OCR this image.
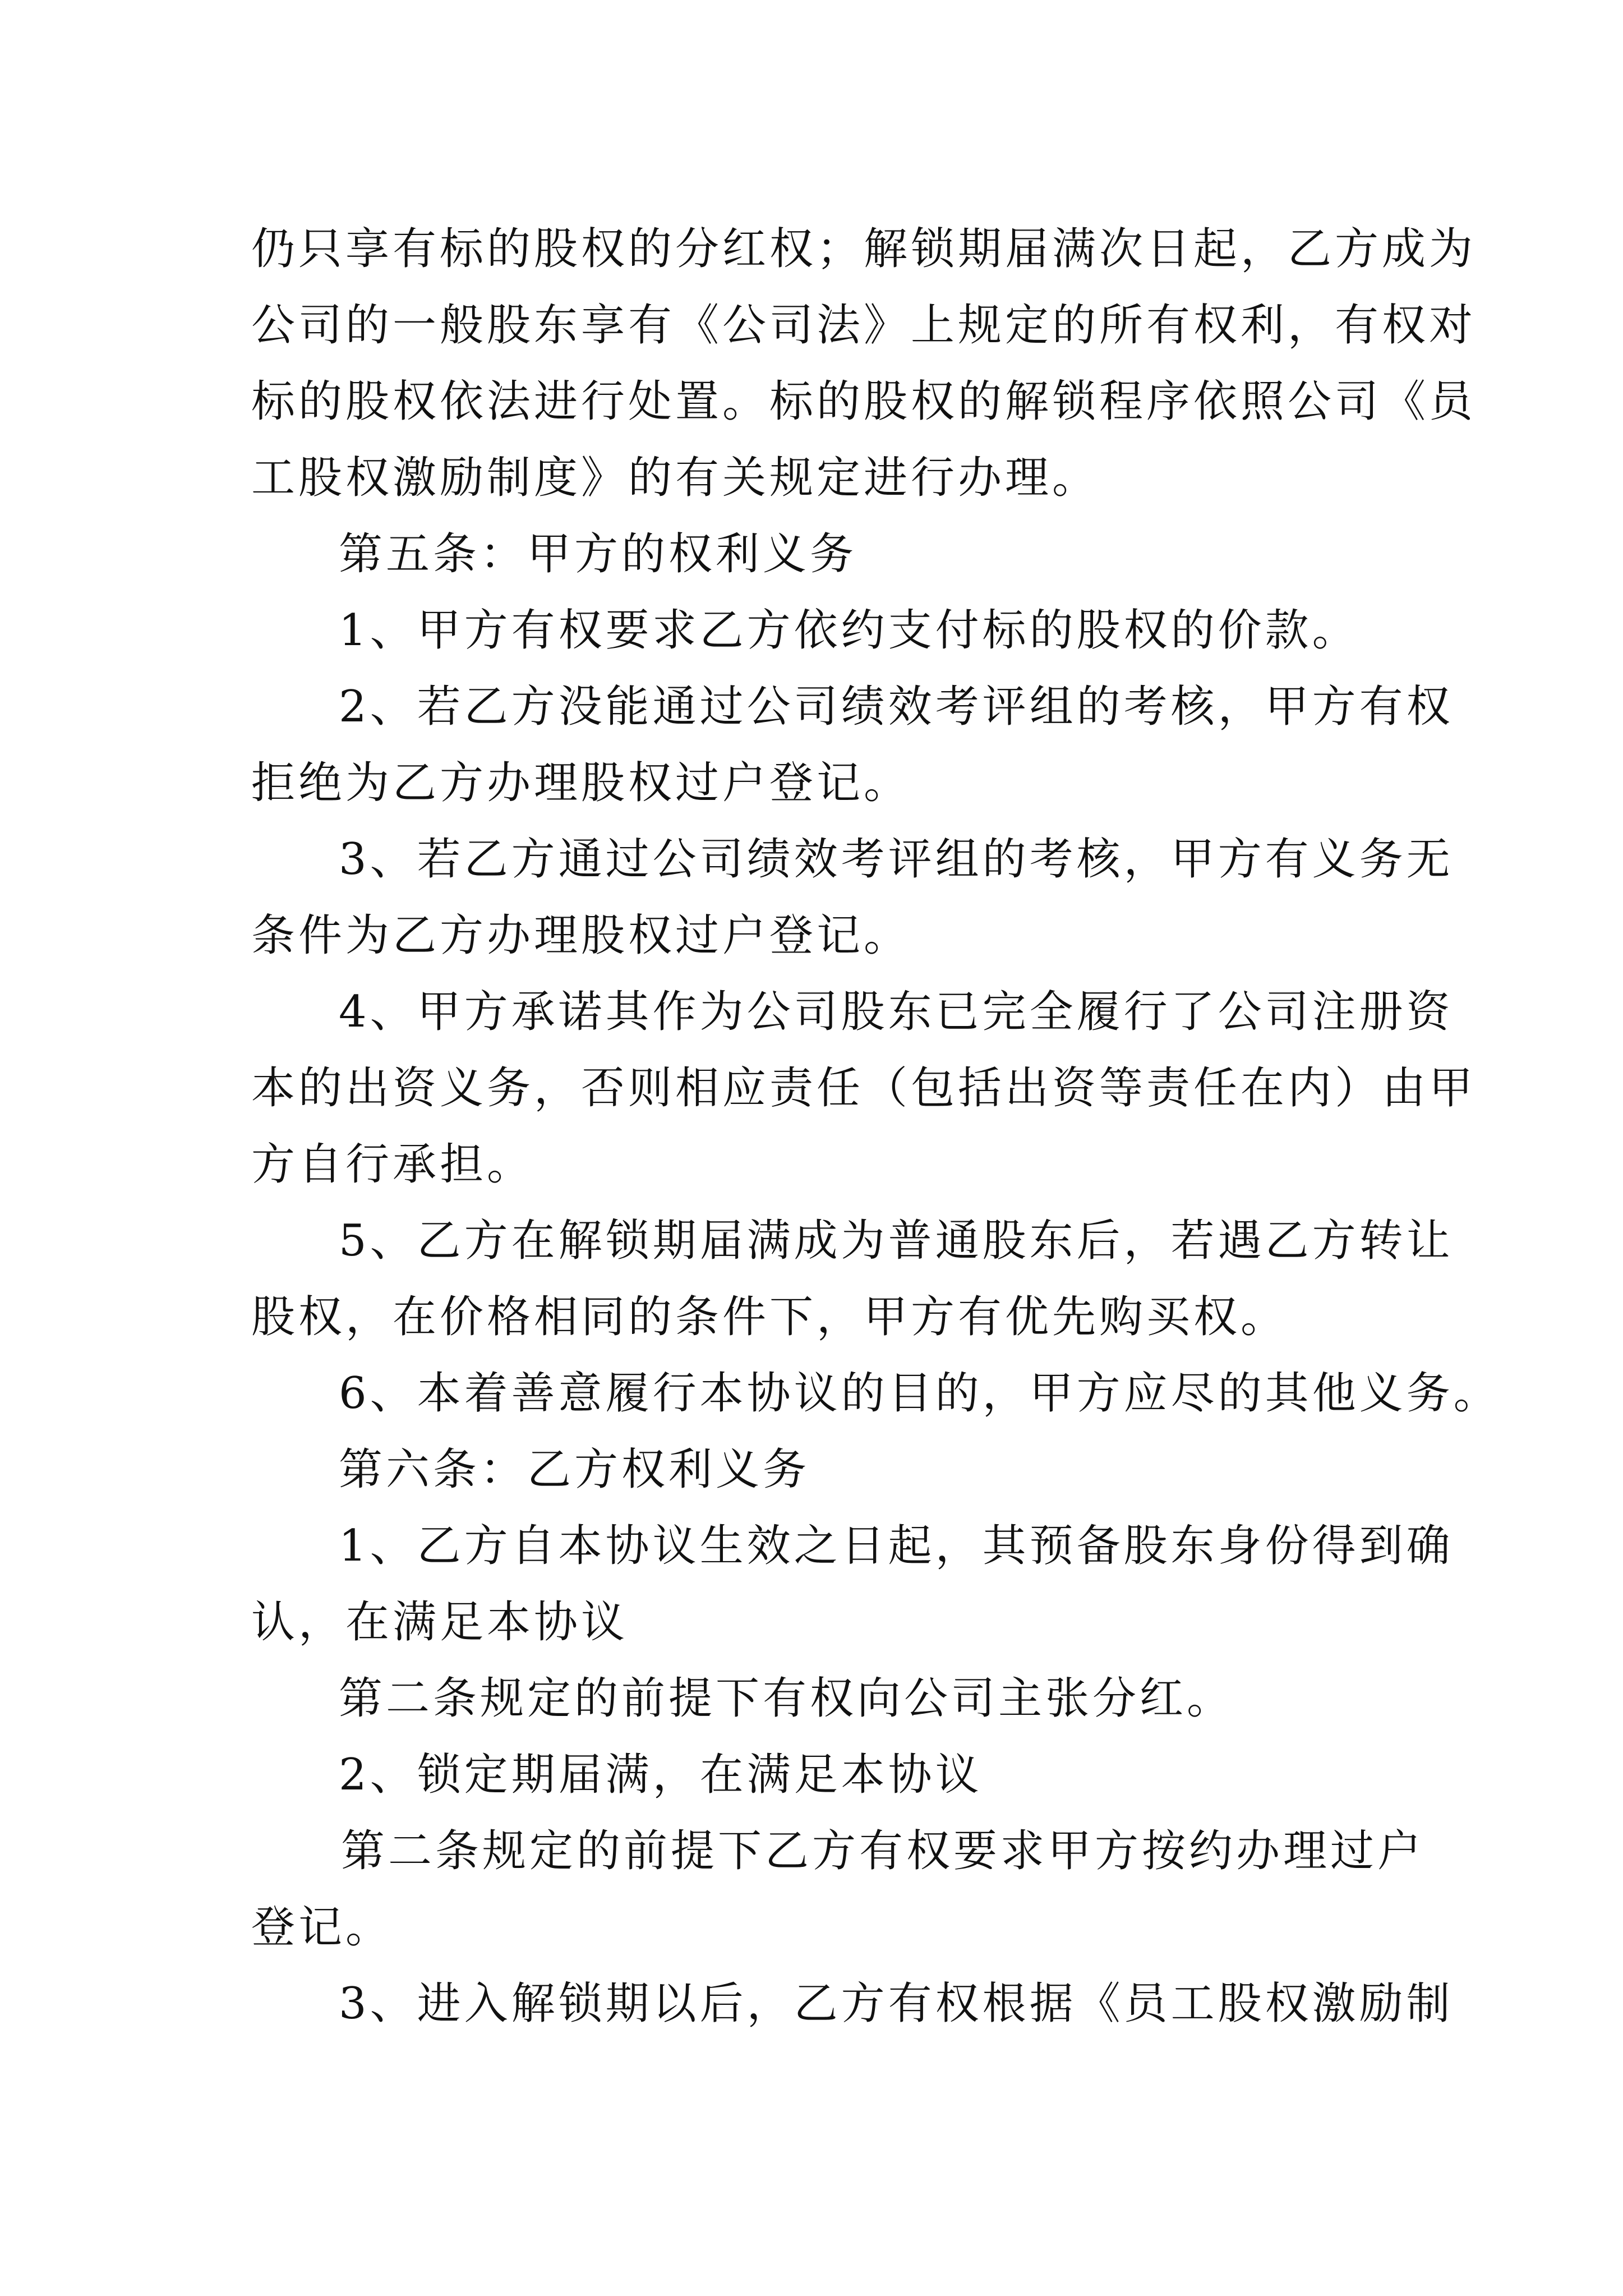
仍只享有标的股权的分红权；解锁期届满次日起，乙方成为
公司的一般股东享有《公司法》上规定的所有权利，有权对
标的股权依法进行处置。标的股权的解锁程序依照公司《员
工股权激励制度》的有关规定进行办理。
第五条：甲方的权利义务
1、甲方有权要求乙方依约支付标的股权的价款。
2、若乙方没能通过公司绩效考评组的考核，甲方有权
拒绝为乙方办理股权过户登记。
3、若乙方通过公司绩效考评组的考核，甲方有义务无
条件为乙方办理股权过户登记。
4、甲方承诺其作为公司股东已完全履行了公司注册资
本的出资义务，否则相应责任（包括出资等责任在内）由甲
方自行承担。
5、乙方在解锁期届满成为普通股东后，若遇乙方转让
股权，在价格相同的条件下，甲方有优先购买权。
6、本着善意履行本协议的目的，甲方应尽的其他义务。
第六条：乙方权利义务
1、乙方自本协议生效之日起，其预备股东身份得到确
认，在满足本协议
第二条规定的前提下有权向公司主张分红。
2、锁定期届满，在满足本协议
第二条规定的前提下乙方有权要求甲方按约办理过户
登记。
3、进入解锁期以后，乙方有权根据《员工股权激励制
